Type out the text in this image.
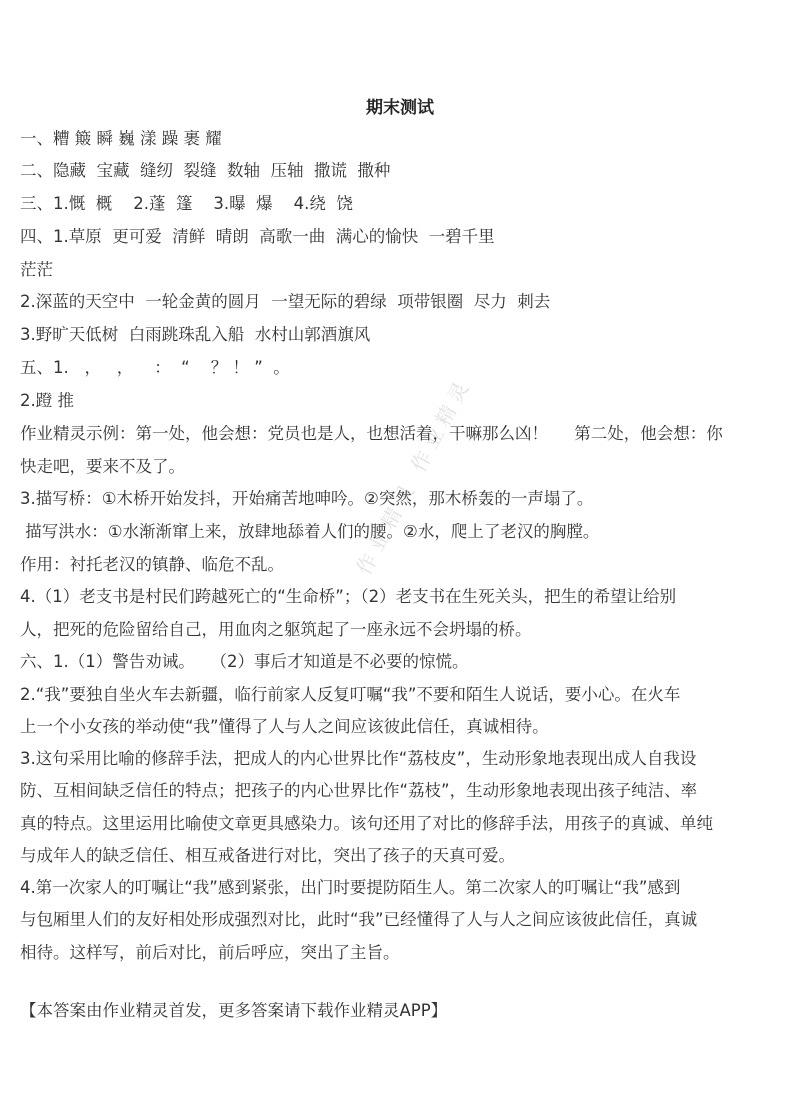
期末测试
一、糟 簸 瞬 巍 漾 躁 裹 耀
二、隐藏  宝藏  缝纫  裂缝  数轴  压轴  撒谎  撒种
三、1.慨  概    2.蓬  篷    3.曝  爆    4.绕  饶
四、1.草原  更可爱  清鲜  晴朗  高歌一曲  满心的愉快  一碧千里
茫茫
2.深蓝的天空中  一轮金黄的圆月  一望无际的碧绿  项带银圈  尽力  刺去
3.野旷天低树  白雨跳珠乱入船  水村山郭酒旗风
五、1.   ，   ，    ：  “    ？ ！ ”  。
2.蹬 推
作业精灵示例：第一处，他会想：党员也是人，也想活着，干嘛那么凶！     第二处，他会想：你
快走吧，要来不及了。
3.描写桥：①木桥开始发抖，开始痛苦地呻吟。②突然，那木桥轰的一声塌了。
描写洪水：①水渐渐窜上来，放肆地舔着人们的腰。②水，爬上了老汉的胸膛。
作用：衬托老汉的镇静、临危不乱。
4.（1）老支书是村民们跨越死亡的“生命桥”；（2）老支书在生死关头，把生的希望让给别
人，把死的危险留给自己，用血肉之躯筑起了一座永远不会坍塌的桥。
六、1.（1）警告劝诫。   （2）事后才知道是不必要的惊慌。
2.“我”要独自坐火车去新疆，临行前家人反复叮嘱“我”不要和陌生人说话，要小心。在火车
上一个小女孩的举动使“我”懂得了人与人之间应该彼此信任，真诚相待。
3.这句采用比喻的修辞手法，把成人的内心世界比作“荔枝皮”，生动形象地表现出成人自我设
防、互相间缺乏信任的特点；把孩子的内心世界比作“荔枝”，生动形象地表现出孩子纯洁、率
真的特点。这里运用比喻使文章更具感染力。该句还用了对比的修辞手法，用孩子的真诚、单纯
与成年人的缺乏信任、相互戒备进行对比，突出了孩子的天真可爱。
4.第一次家人的叮嘱让“我”感到紧张，出门时要提防陌生人。第二次家人的叮嘱让“我”感到
与包厢里人们的友好相处形成强烈对比，此时“我”已经懂得了人与人之间应该彼此信任，真诚
相待。这样写，前后对比，前后呼应，突出了主旨。
【本答案由作业精灵首发，更多答案请下载作业精灵APP】
作业精灵 作业精灵
